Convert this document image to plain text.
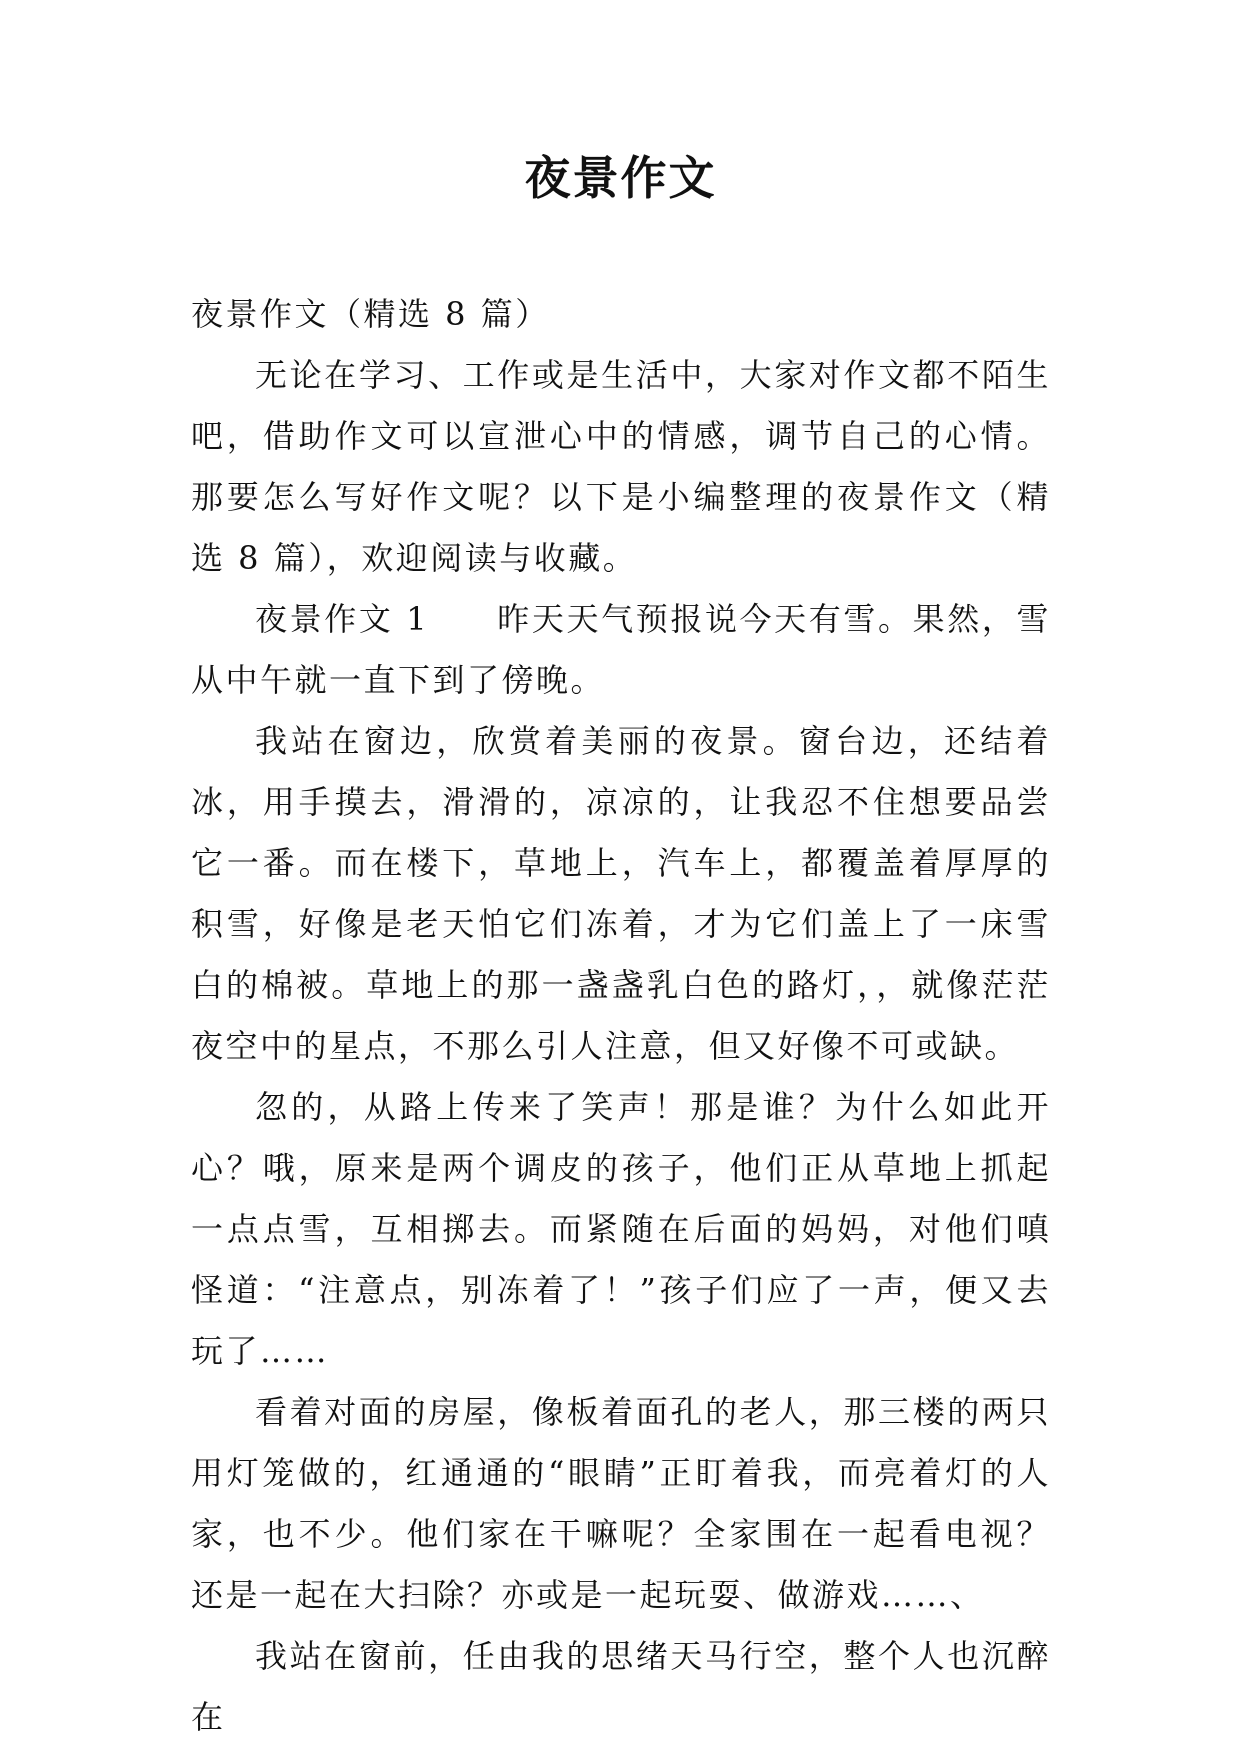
夜景作文

夜景作文（精选 8 篇）

无论在学习、工作或是生活中，大家对作文都不陌生吧，借助作文可以宣泄心中的情感，调节自己的心情。那要怎么写好作文呢？以下是小编整理的夜景作文（精选 8 篇），欢迎阅读与收藏。

夜景作文 1 昨天天气预报说今天有雪。果然，雪从中午就一直下到了傍晚。

我站在窗边，欣赏着美丽的夜景。窗台边，还结着冰，用手摸去，滑滑的，凉凉的，让我忍不住想要品尝它一番。而在楼下，草地上，汽车上，都覆盖着厚厚的积雪，好像是老天怕它们冻着，才为它们盖上了一床雪白的棉被。草地上的那一盏盏乳白色的路灯，，就像茫茫夜空中的星点，不那么引人注意，但又好像不可或缺。

忽的，从路上传来了笑声！那是谁？为什么如此开心？哦，原来是两个调皮的孩子，他们正从草地上抓起一点点雪，互相掷去。而紧随在后面的妈妈，对他们嗔怪道：“注意点，别冻着了！”孩子们应了一声，便又去玩了……

看着对面的房屋，像板着面孔的老人，那三楼的两只用灯笼做的，红通通的“眼睛”正盯着我，而亮着灯的人家，也不少。他们家在干嘛呢？全家围在一起看电视？还是一起在大扫除？亦或是一起玩耍、做游戏……、

我站在窗前，任由我的思绪天马行空，整个人也沉醉在
